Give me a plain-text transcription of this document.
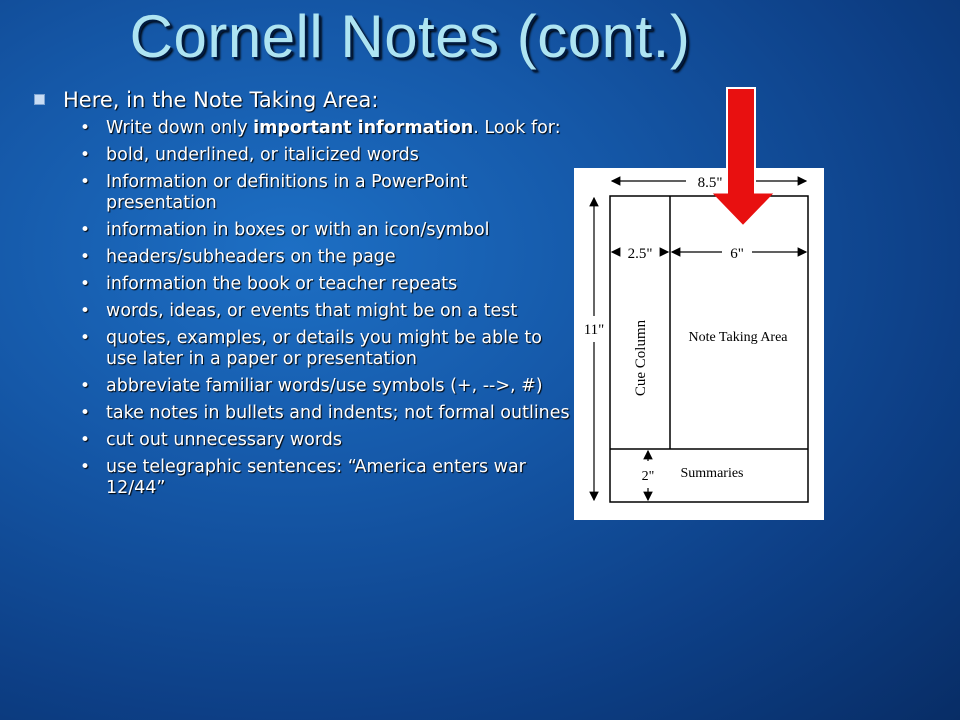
Cornell Notes (cont.)
Here, in the Note Taking Area:
• Write down only important information. Look for:
• bold, underlined, or italicized words
• Information or definitions in a PowerPoint presentation
• information in boxes or with an icon/symbol
• headers/subheaders on the page
• information the book or teacher repeats
• words, ideas, or events that might be on a test
• quotes, examples, or details you might be able to use later in a paper or presentation
• abbreviate familiar words/use symbols (+, -->, #)
• take notes in bullets and indents; not formal outlines
• cut out unnecessary words
• use telegraphic sentences: “America enters war 12/44”
8.5"
2.5"	6"
11"
2"
Cue Column	Note Taking Area
Summaries
